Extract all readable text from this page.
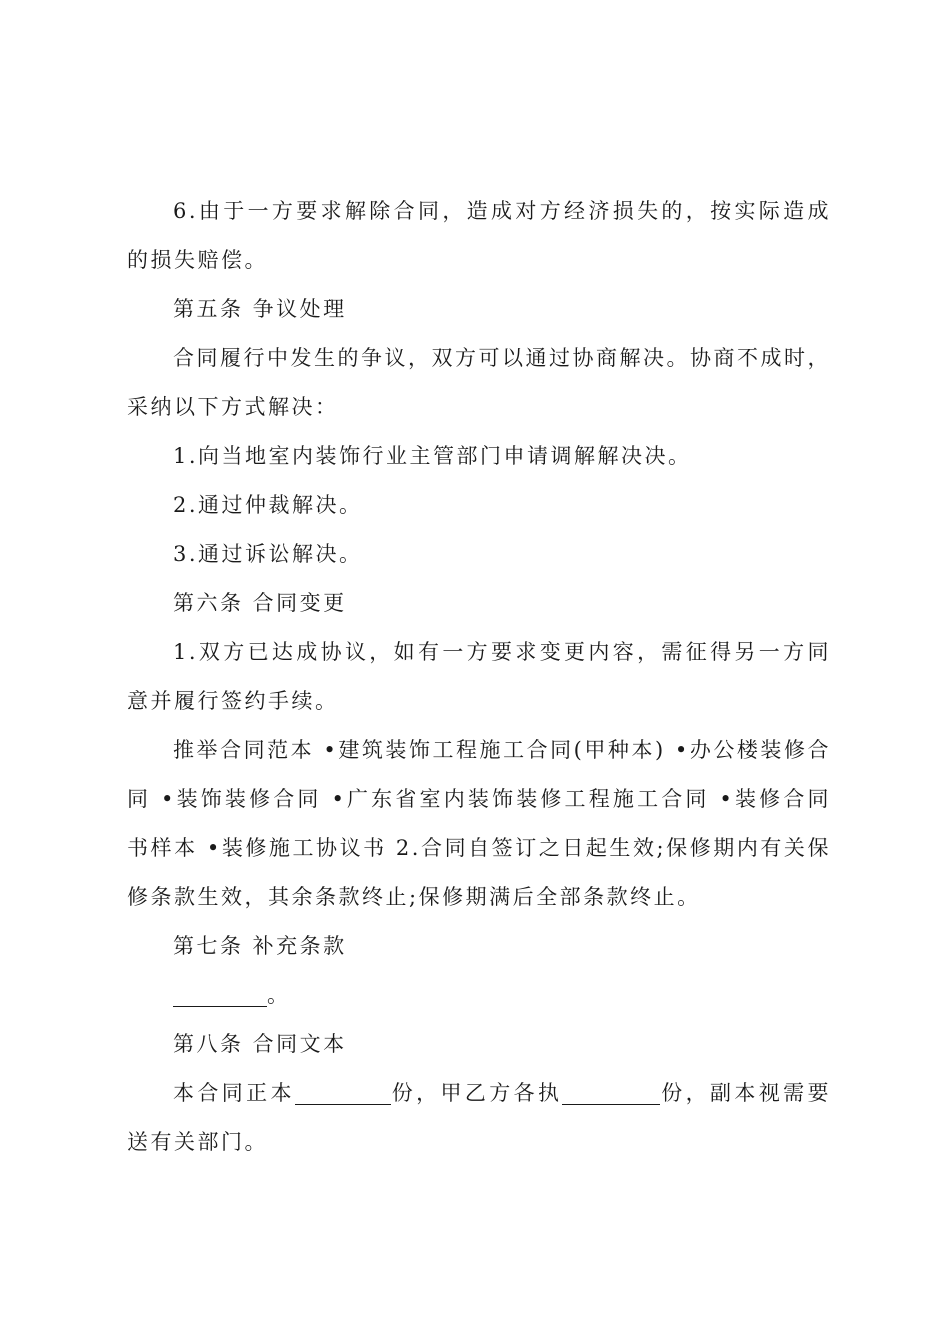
6.由于一方要求解除合同，造成对方经济损失的，按实际造成的损失赔偿。

第五条 争议处理

合同履行中发生的争议，双方可以通过协商解决。协商不成时，采纳以下方式解决：

1.向当地室内装饰行业主管部门申请调解解决决。

2.通过仲裁解决。

3.通过诉讼解决。

第六条 合同变更

1.双方已达成协议，如有一方要求变更内容，需征得另一方同意并履行签约手续。

推举合同范本 •建筑装饰工程施工合同(甲种本) •办公楼装修合同 •装饰装修合同 •广东省室内装饰装修工程施工合同 •装修合同书样本 •装修施工协议书 2.合同自签订之日起生效;保修期内有关保修条款生效，其余条款终止;保修期满后全部条款终止。

第七条 补充条款

。

第八条 合同文本

本合同正本	份，甲乙方各执	份，副本视需要送有关部门。
